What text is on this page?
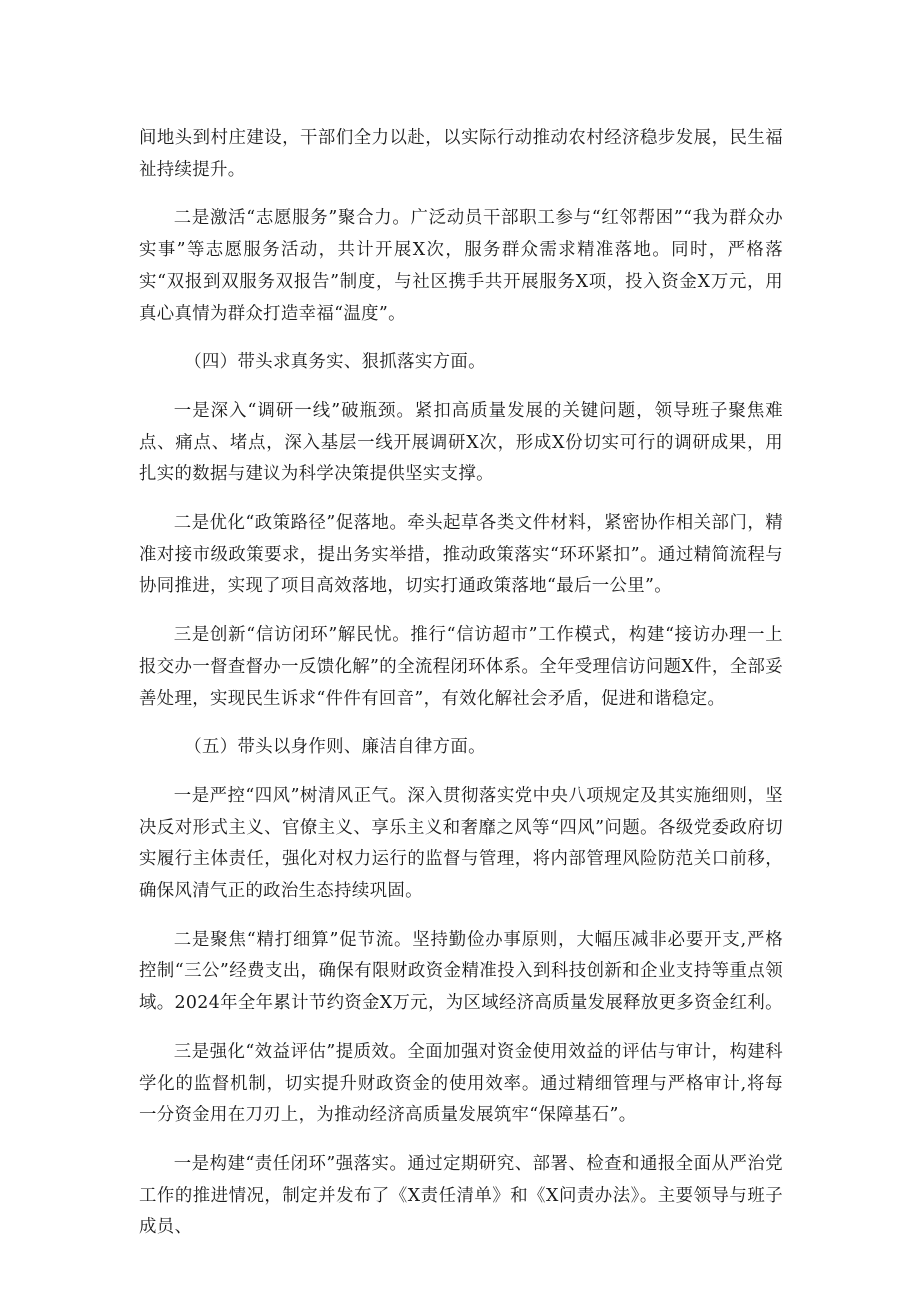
间地头到村庄建设，干部们全力以赴，以实际行动推动农村经济稳步发展，民生福祉持续提升。

二是激活“志愿服务”聚合力。广泛动员干部职工参与“红邻帮困”“我为群众办实事”等志愿服务活动，共计开展X次，服务群众需求精准落地。同时，严格落实“双报到双服务双报告”制度，与社区携手共开展服务X项，投入资金X万元，用真心真情为群众打造幸福“温度”。

（四）带头求真务实、狠抓落实方面。

一是深入“调研一线”破瓶颈。紧扣高质量发展的关键问题，领导班子聚焦难点、痛点、堵点，深入基层一线开展调研X次，形成X份切实可行的调研成果，用扎实的数据与建议为科学决策提供坚实支撑。

二是优化“政策路径”促落地。牵头起草各类文件材料，紧密协作相关部门，精准对接市级政策要求，提出务实举措，推动政策落实“环环紧扣”。通过精简流程与协同推进，实现了项目高效落地，切实打通政策落地“最后一公里”。

三是创新“信访闭环”解民忧。推行“信访超市”工作模式，构建“接访办理一上报交办一督查督办一反馈化解”的全流程闭环体系。全年受理信访问题X件，全部妥善处理，实现民生诉求“件件有回音”，有效化解社会矛盾，促进和谐稳定。

（五）带头以身作则、廉洁自律方面。

一是严控“四风”树清风正气。深入贯彻落实党中央八项规定及其实施细则，坚决反对形式主义、官僚主义、享乐主义和奢靡之风等“四风”问题。各级党委政府切实履行主体责任，强化对权力运行的监督与管理，将内部管理风险防范关口前移，确保风清气正的政治生态持续巩固。

二是聚焦“精打细算”促节流。坚持勤俭办事原则，大幅压减非必要开支,严格控制“三公”经费支出，确保有限财政资金精准投入到科技创新和企业支持等重点领域。2024年全年累计节约资金X万元，为区域经济高质量发展释放更多资金红利。

三是强化“效益评估”提质效。全面加强对资金使用效益的评估与审计，构建科学化的监督机制，切实提升财政资金的使用效率。通过精细管理与严格审计,将每一分资金用在刀刃上，为推动经济高质量发展筑牢“保障基石”。

一是构建“责任闭环”强落实。通过定期研究、部署、检查和通报全面从严治党工作的推进情况，制定并发布了《X责任清单》和《X问责办法》。主要领导与班子成员、
